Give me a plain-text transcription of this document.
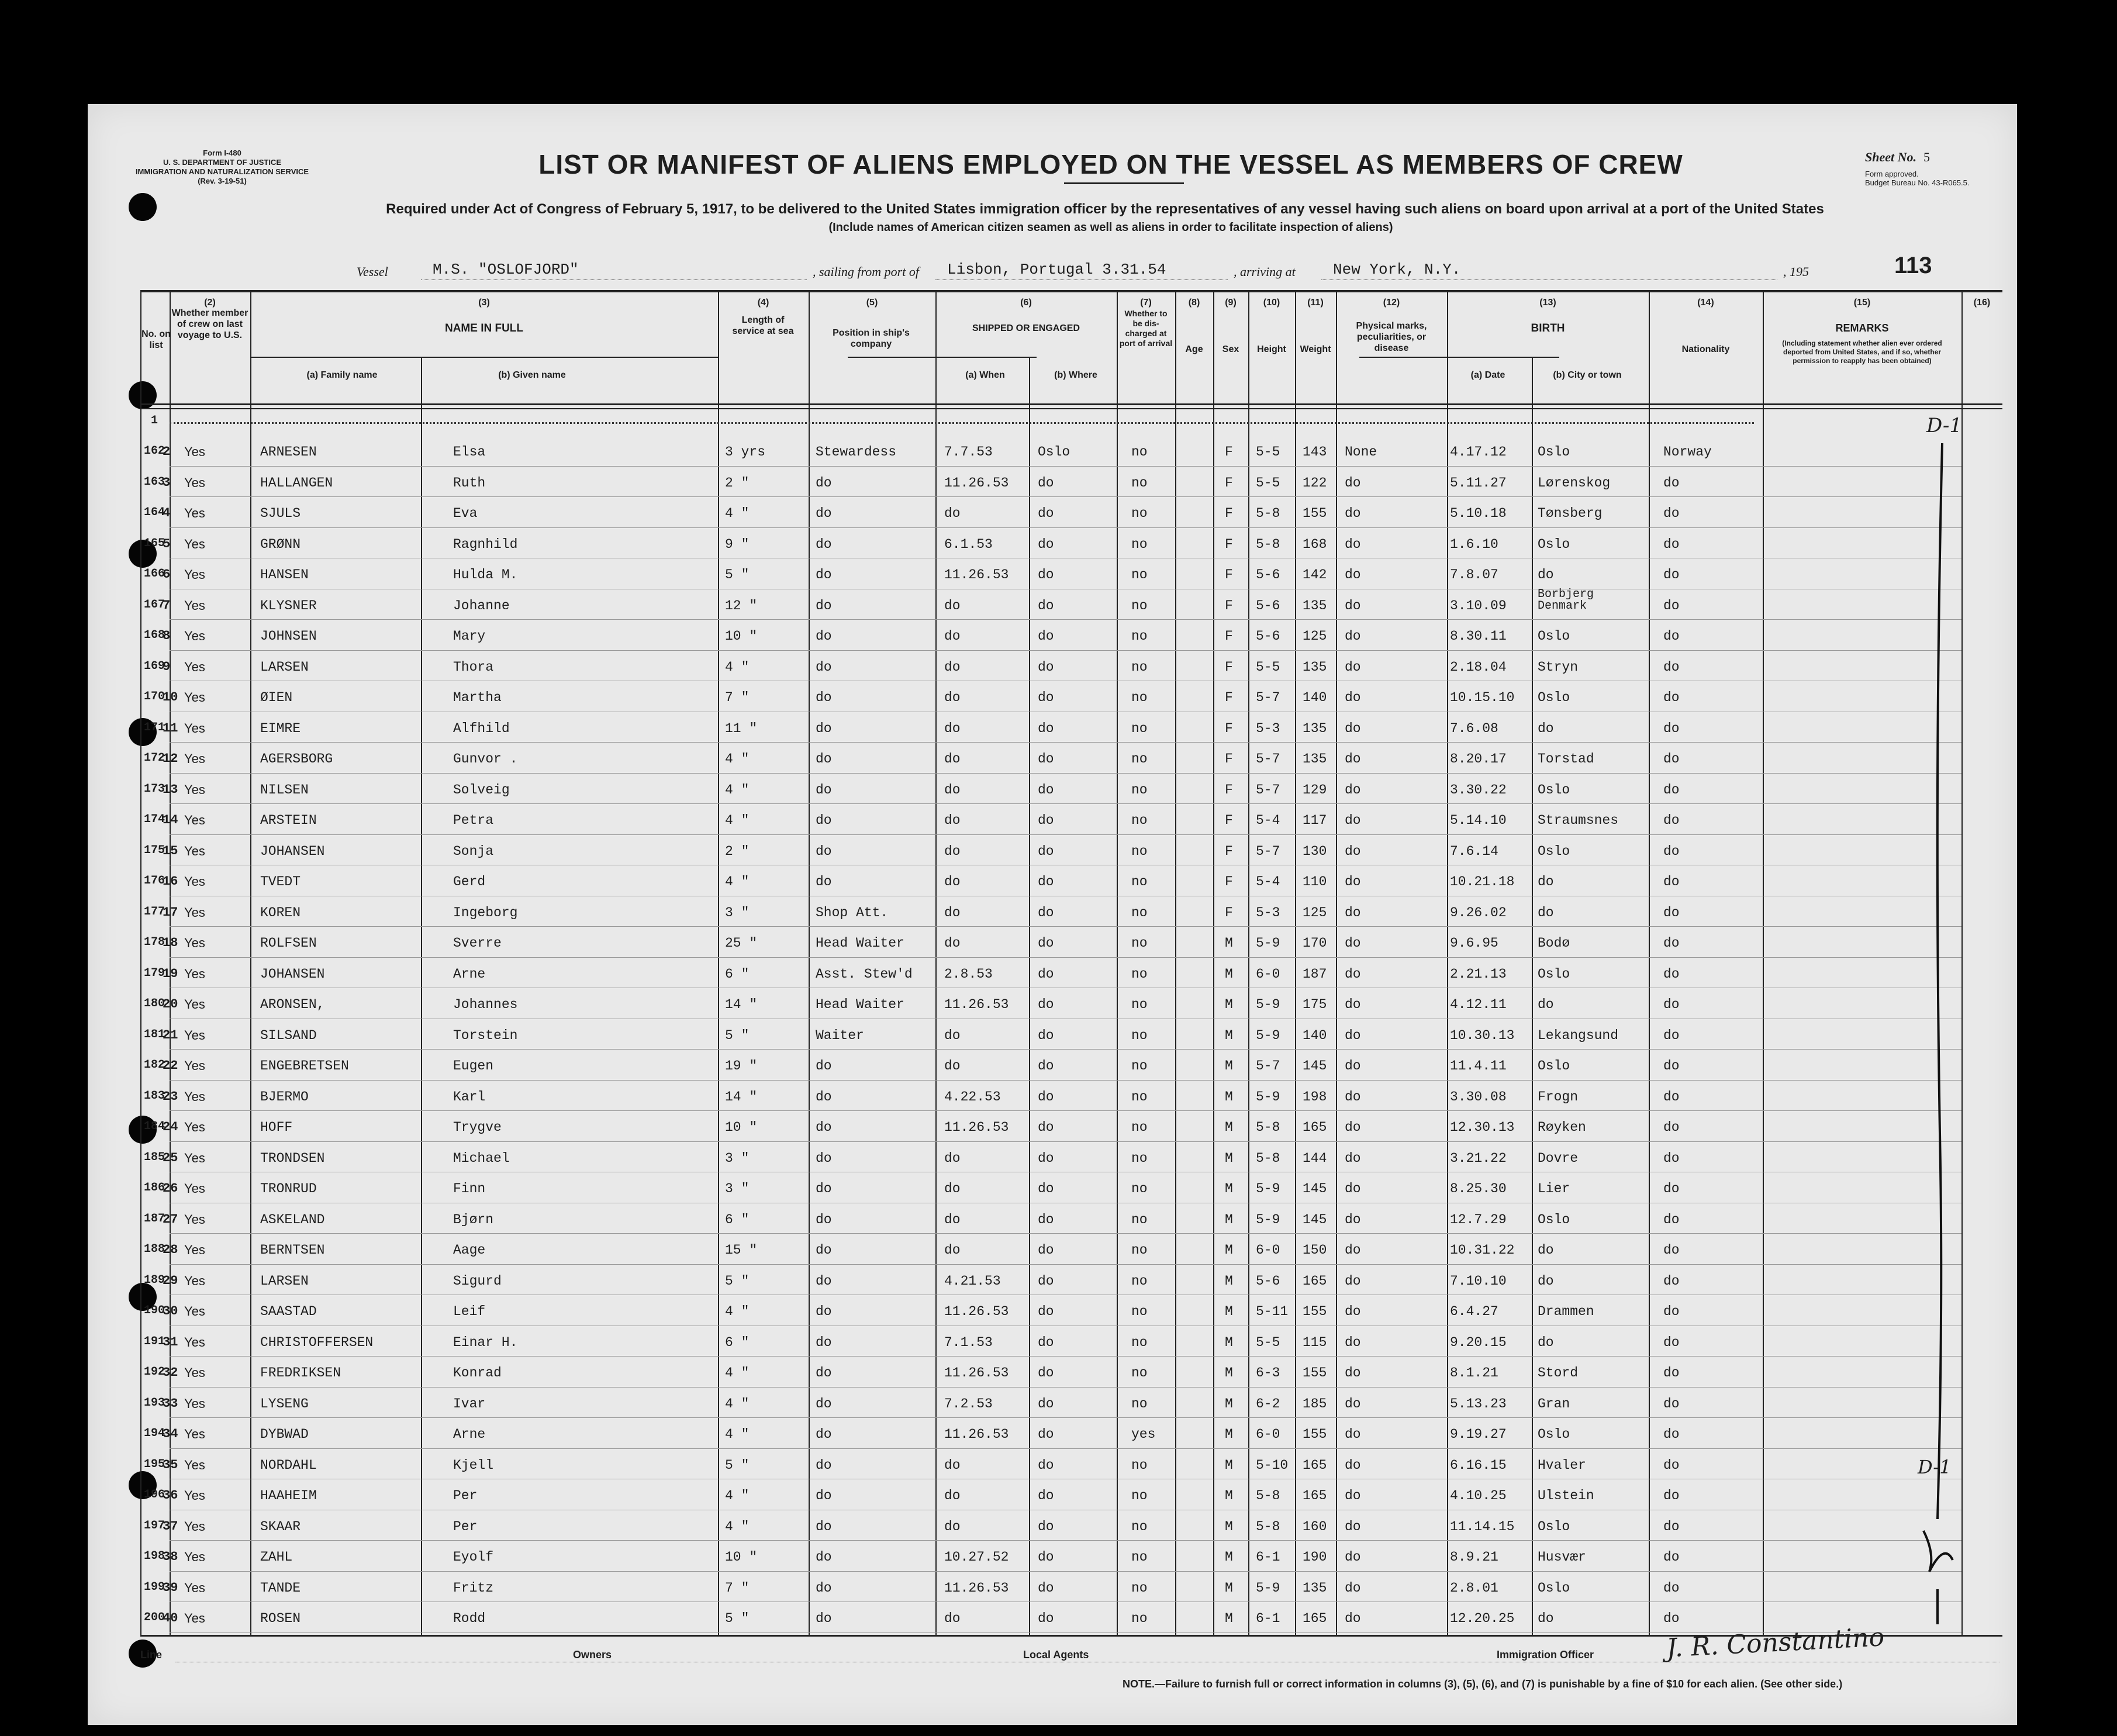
Form I-480
U. S. DEPARTMENT OF JUSTICE
IMMIGRATION AND NATURALIZATION SERVICE
(Rev. 3-19-51)
LIST OR MANIFEST OF ALIENS EMPLOYED ON THE VESSEL AS MEMBERS OF CREW
Required under Act of Congress of February 5, 1917, to be delivered to the United States immigration officer by the representatives of any vessel having such aliens on board upon arrival at a port of the United States
(Include names of American citizen seamen as well as aliens in order to facilitate inspection of aliens)
Sheet No. 5
Form approved.
Budget Bureau No. 43-R065.5.
Vessel	M.S. "OSLOFJORD"	, sailing from port of Lisbon, Portugal 3.31.54	, arriving at New York, N.Y.	, 195	113
No. on list
(2)
Whether member of crew on last voyage to U.S.
(3)
NAME IN FULL
(a) Family name	(b) Given name
(4)
Length of service at sea
(5)
Position in ship's company
(6)
SHIPPED OR ENGAGED
(a) When	(b) Where
(7)
Whether to be dis-charged at port of arrival
(8)
Age
(9)
Sex
(10)
Height
(11)
Weight
(12)
Physical marks, peculiarities, or disease
(13)
BIRTH
(a) Date	(b) City or town
(14)
Nationality
(15)
REMARKS
(Including statement whether alien ever ordered deported from United States, and if so, whether permission to reapply has been obtained)
(16)
1
162
2 Yes	ARNESEN	Elsa	3 yrs	Stewardess	7.7.53	Oslo	no	F 5-5 143 None	4.17.12 Oslo	Norway
163
3 Yes	HALLANGEN	Ruth	2 "	do	11.26.53 do	no	F 5-5 122 do	5.11.27 Lørenskog	do
164
4 Yes	SJULS	Eva	4 "	do	do	do	no	F 5-8 155 do	5.10.18 Tønsberg	do
165
5 Yes	GRØNN	Ragnhild	9 "	do	6.1.53	do	no	F 5-8 168 do	1.6.10	Oslo	do
166
6 Yes	HANSEN	Hulda M.	5 "	do	11.26.53 do	no	F 5-6 142 do	7.8.07	do	do
167
7 Yes	KLYSNER	Johanne	12 "	do	do	do	no	F 5-6 135 do	3.10.09
Borbjerg Denmark	do
168
8 Yes	JOHNSEN	Mary	10 "	do	do	do	no	F 5-6 125 do	8.30.11 Oslo	do
169
9 Yes	LARSEN	Thora	4 "	do	do	do	no	F 5-5 135 do	2.18.04 Stryn	do
170
10 Yes	ØIEN	Martha	7 "	do	do	do	no	F 5-7 140 do	10.15.10 Oslo	do
171
11 Yes	EIMRE	Alfhild	11 "	do	do	do	no	F 5-3 135 do	7.6.08	do	do
172
12 Yes	AGERSBORG	Gunvor .	4 "	do	do	do	no	F 5-7 135 do	8.20.17 Torstad	do
173
13 Yes	NILSEN	Solveig	4 "	do	do	do	no	F 5-7 129 do	3.30.22 Oslo	do
174
14 Yes	ARSTEIN	Petra	4 "	do	do	do	no	F 5-4 117 do	5.14.10 Straumsnes	do
175
15 Yes	JOHANSEN	Sonja	2 "	do	do	do	no	F 5-7 130 do	7.6.14	Oslo	do
176
16 Yes	TVEDT	Gerd	4 "	do	do	do	no	F 5-4 110 do	10.21.18 do	do
177
17 Yes	KOREN	Ingeborg	3 "	Shop Att.	do	do	no	F 5-3 125 do	9.26.02 do	do
178
18 Yes	ROLFSEN	Sverre	25 "	Head Waiter	do	do	no	M 5-9 170 do	9.6.95	Bodø	do
179
19 Yes	JOHANSEN	Arne	6 "	Asst. Stew'd 2.8.53	do	no	M 6-0 187 do	2.21.13 Oslo	do
180
20 Yes	ARONSEN,	Johannes	14 "	Head Waiter	11.26.53 do	no	M 5-9 175 do	4.12.11 do	do
181
21 Yes	SILSAND	Torstein	5 "	Waiter	do	do	no	M 5-9 140 do	10.30.13 Lekangsund	do
182
22 Yes	ENGEBRETSEN	Eugen	19 "	do	do	do	no	M 5-7 145 do	11.4.11 Oslo	do
183
23 Yes	BJERMO	Karl	14 "	do	4.22.53	do	no	M 5-9 198 do	3.30.08 Frogn	do
184
24 Yes	HOFF	Trygve	10 "	do	11.26.53 do	no	M 5-8 165 do	12.30.13 Røyken	do
185
25 Yes	TRONDSEN	Michael	3 "	do	do	do	no	M 5-8 144 do	3.21.22 Dovre	do
186
26 Yes	TRONRUD	Finn	3 "	do	do	do	no	M 5-9 145 do	8.25.30 Lier	do
187
27 Yes	ASKELAND	Bjørn	6 "	do	do	do	no	M 5-9 145 do	12.7.29 Oslo	do
188
28 Yes	BERNTSEN	Aage	15 "	do	do	do	no	M 6-0 150 do	10.31.22 do	do
189
29 Yes	LARSEN	Sigurd	5 "	do	4.21.53	do	no	M 5-6 165 do	7.10.10 do	do
190
30 Yes	SAASTAD	Leif	4 "	do	11.26.53 do	no	M 5-11 155 do	6.4.27	Drammen	do
191
31 Yes	CHRISTOFFERSEN	Einar H.	6 "	do	7.1.53	do	no	M 5-5 115 do	9.20.15 do	do
192
32 Yes	FREDRIKSEN	Konrad	4 "	do	11.26.53 do	no	M 6-3 155 do	8.1.21	Stord	do
193
33 Yes	LYSENG	Ivar	4 "	do	7.2.53	do	no	M 6-2 185 do	5.13.23 Gran	do
194
34 Yes	DYBWAD	Arne	4 "	do	11.26.53 do	yes	M 6-0 155 do	9.19.27 Oslo	do
195
35 Yes	NORDAHL	Kjell	5 "	do	do	do	no	M 5-10 165 do	6.16.15 Hvaler	do
196
36 Yes	HAAHEIM	Per	4 "	do	do	do	no	M 5-8 165 do	4.10.25 Ulstein	do
197
37 Yes	SKAAR	Per	4 "	do	do	do	no	M 5-8 160 do	11.14.15 Oslo	do
198
38 Yes	ZAHL	Eyolf	10 "	do	10.27.52 do	no	M 6-1 190 do	8.9.21	Husvær	do
199
39 Yes	TANDE	Fritz	7 "	do	11.26.53 do	no	M 5-9 135 do	2.8.01	Oslo	do
200
40 Yes	ROSEN	Rodd	5 "	do	do	do	no	M 6-1 165 do	12.20.25 do	do
D-1
D-1
Line	Owners	Local Agents	Immigration Officer	J. R. Constantino
NOTE.—Failure to furnish full or correct information in columns (3), (5), (6), and (7) is punishable by a fine of $10 for each alien. (See other side.)
